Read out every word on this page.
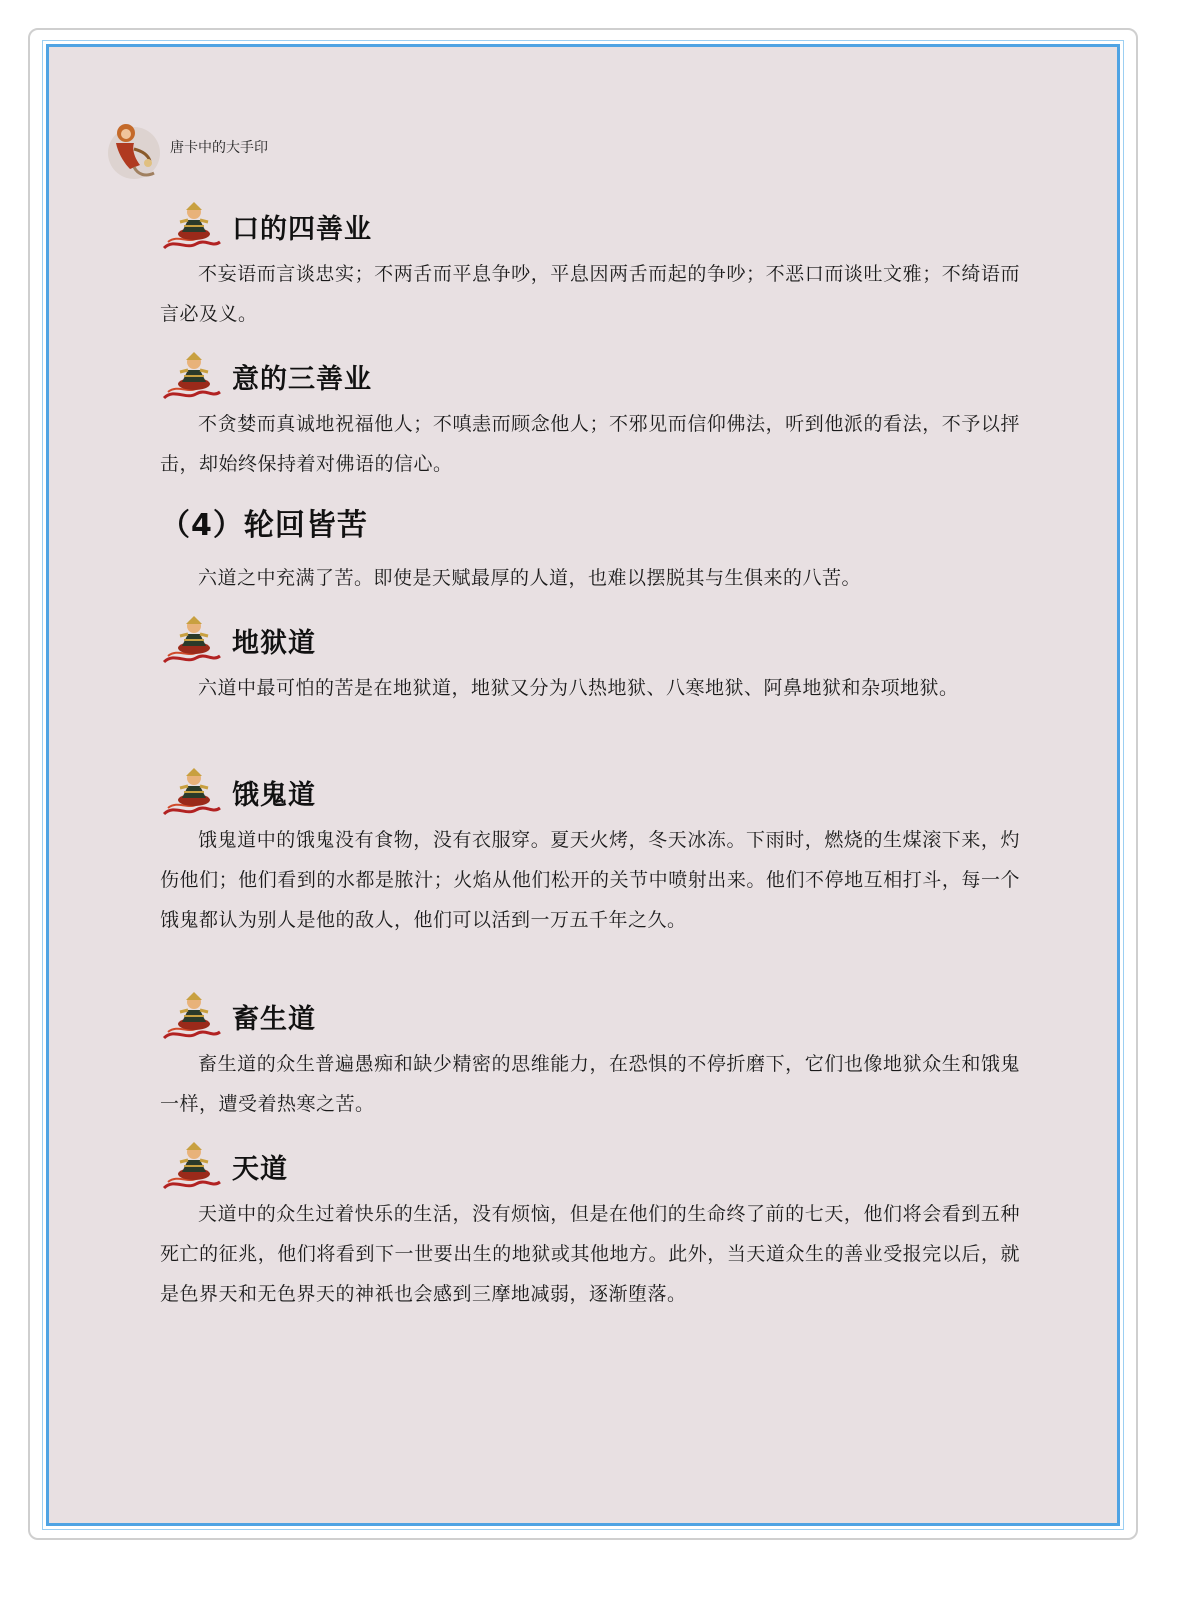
唐卡中的大手印
口的四善业

不妄语而言谈忠实；不两舌而平息争吵，平息因两舌而起的争吵；不恶口而谈吐文雅；不绮语而言必及义。

意的三善业

不贪婪而真诚地祝福他人；不嗔恚而顾念他人；不邪见而信仰佛法，听到他派的看法，不予以抨击，却始终保持着对佛语的信心。

（4）轮回皆苦

六道之中充满了苦。即使是天赋最厚的人道，也难以摆脱其与生俱来的八苦。

地狱道

六道中最可怕的苦是在地狱道，地狱又分为八热地狱、八寒地狱、阿鼻地狱和杂项地狱。

饿鬼道

饿鬼道中的饿鬼没有食物，没有衣服穿。夏天火烤，冬天冰冻。下雨时，燃烧的生煤滚下来，灼伤他们；他们看到的水都是脓汁；火焰从他们松开的关节中喷射出来。他们不停地互相打斗，每一个饿鬼都认为别人是他的敌人，他们可以活到一万五千年之久。

畜生道

畜生道的众生普遍愚痴和缺少精密的思维能力，在恐惧的不停折磨下，它们也像地狱众生和饿鬼一样，遭受着热寒之苦。

天道

天道中的众生过着快乐的生活，没有烦恼，但是在他们的生命终了前的七天，他们将会看到五种死亡的征兆，他们将看到下一世要出生的地狱或其他地方。此外，当天道众生的善业受报完以后，就是色界天和无色界天的神祇也会感到三摩地减弱，逐渐堕落。
